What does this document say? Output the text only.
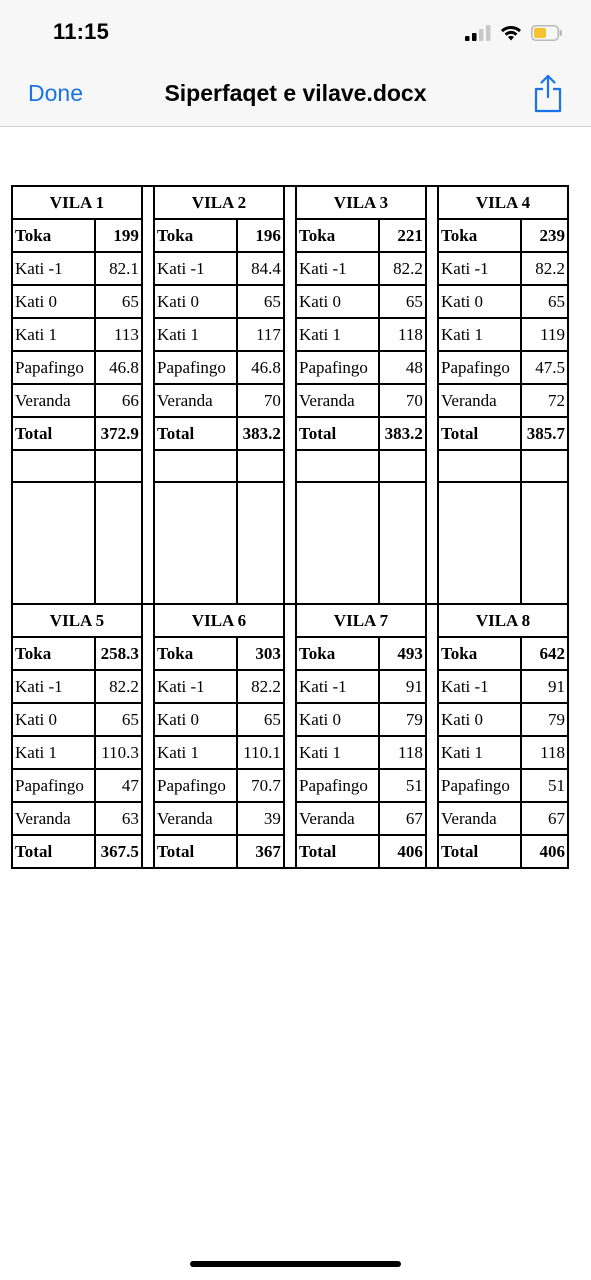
11:15
Done	Siperfaqet e vilave.docx
VILA 1			VILA 2			VILA 3			VILA 4	
Toka	199		Toka	196		Toka	221		Toka	239
Kati -1	82.1		Kati -1	84.4		Kati -1	82.2		Kati -1	82.2
Kati 0	65		Kati 0	65		Kati 0	65		Kati 0	65
Kati 1	113		Kati 1	117		Kati 1	118		Kati 1	119
Papafingo	46.8		Papafingo	46.8		Papafingo	48		Papafingo	47.5
Veranda	66		Veranda	70		Veranda	70		Veranda	72
Total	372.9		Total	383.2		Total	383.2		Total	385.7

VILA 5			VILA 6			VILA 7			VILA 8	
Toka	258.3		Toka	303		Toka	493		Toka	642
Kati -1	82.2		Kati -1	82.2		Kati -1	91		Kati -1	91
Kati 0	65		Kati 0	65		Kati 0	79		Kati 0	79
Kati 1	110.3		Kati 1	110.1		Kati 1	118		Kati 1	118
Papafingo	47		Papafingo	70.7		Papafingo	51		Papafingo	51
Veranda	63		Veranda	39		Veranda	67		Veranda	67
Total	367.5		Total	367		Total	406		Total	406
